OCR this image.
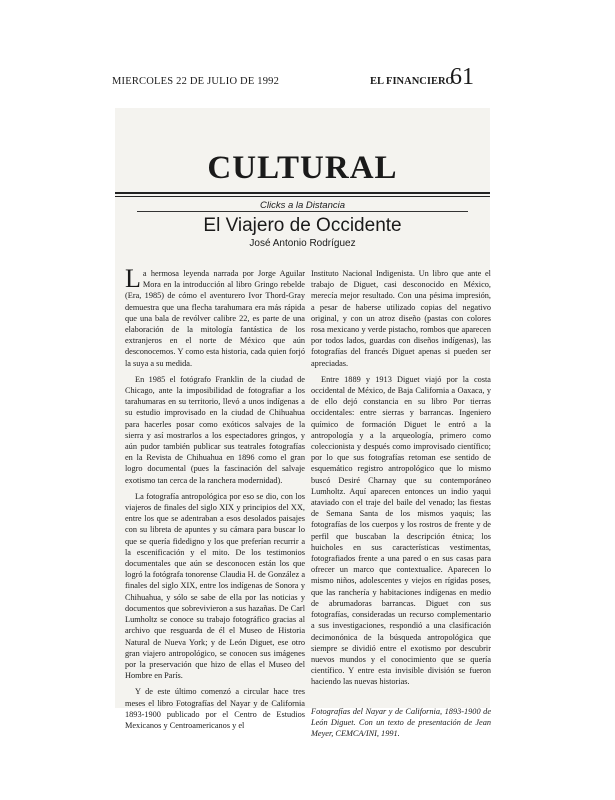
MIERCOLES 22 DE JULIO DE 1992	EL FINANCIERO
61
CULTURAL
Clicks a la Distancia
El Viajero de Occidente
José Antonio Rodríguez

La hermosa leyenda narrada por Jorge Aguilar Mora en la introducción al libro Gringo rebelde (Era, 1985) de cómo el aventurero Ivor Thord-Gray demuestra que una flecha tarahumara era más rápida que una bala de revólver calibre 22, es parte de una elaboración de la mitología fantástica de los extranjeros en el norte de México que aún desconocemos. Y como esta historia, cada quien forjó la suya a su medida.

En 1985 el fotógrafo Franklin de la ciudad de Chicago, ante la imposibilidad de fotografiar a los tarahumaras en su territorio, llevó a unos indígenas a su estudio improvisado en la ciudad de Chihuahua para hacerles posar como exóticos salvajes de la sierra y así mostrarlos a los espectadores gringos, y aún pudor también publicar sus teatrales fotografías en la Revista de Chihuahua en 1896 como el gran logro documental (pues la fascinación del salvaje exotismo tan cerca de la ranchera modernidad).

La fotografía antropológica por eso se dio, con los viajeros de finales del siglo XIX y principios del XX, entre los que se adentraban a esos desolados paisajes con su libreta de apuntes y su cámara para buscar lo que se quería fidedigno y los que preferían recurrir a la escenificación y el mito. De los testimonios documentales que aún se desconocen están los que logró la fotógrafa tonorense Claudia H. de González a finales del siglo XIX, entre los indígenas de Sonora y Chihuahua, y sólo se sabe de ella por las noticias y documentos que sobrevivieron a sus hazañas. De Carl Lumholtz se conoce su trabajo fotográfico gracias al archivo que resguarda de él el Museo de Historia Natural de Nueva York; y de León Diguet, ese otro gran viajero antropológico, se conocen sus imágenes por la preservación que hizo de ellas el Museo del Hombre en París.

Y de este último comenzó a circular hace tres meses el libro Fotografías del Nayar y de California 1893-1900 publicado por el Centro de Estudios Mexicanos y Centroamericanos y el

Instituto Nacional Indigenista. Un libro que ante el trabajo de Diguet, casi desconocido en México, merecía mejor resultado. Con una pésima impresión, a pesar de haberse utilizado copias del negativo original, y con un atroz diseño (pastas con colores rosa mexicano y verde pistacho, rombos que aparecen por todos lados, guardas con diseños indígenas), las fotografías del francés Diguet apenas si pueden ser apreciadas.

Entre 1889 y 1913 Diguet viajó por la costa occidental de México, de Baja California a Oaxaca, y de ello dejó constancia en su libro Por tierras occidentales: entre sierras y barrancas. Ingeniero químico de formación Diguet le entró a la antropología y a la arqueología, primero como coleccionista y después como improvisado científico; por lo que sus fotografías retoman ese sentido de esquemático registro antropológico que lo mismo buscó Desiré Charnay que su contemporáneo Lumholtz. Aquí aparecen entonces un indio yaqui ataviado con el traje del baile del venado; las fiestas de Semana Santa de los mismos yaquis; las fotografías de los cuerpos y los rostros de frente y de perfil que buscaban la descripción étnica; los huicholes en sus características vestimentas, fotografiados frente a una pared o en sus casas para ofrecer un marco que contextualice. Aparecen lo mismo niños, adolescentes y viejos en rígidas poses, que las ranchería y habitaciones indígenas en medio de abrumadoras barrancas. Diguet con sus fotografías, consideradas un recurso complementario a sus investigaciones, respondió a una clasificación decimonónica de la búsqueda antropológica que siempre se dividió entre el exotismo por descubrir nuevos mundos y el conocimiento que se quería científico. Y entre esta invisible división se fueron haciendo las nuevas historias.

Fotografías del Nayar y de California, 1893-1900 de León Diguet. Con un texto de presentación de Jean Meyer, CEMCA/INI, 1991.
